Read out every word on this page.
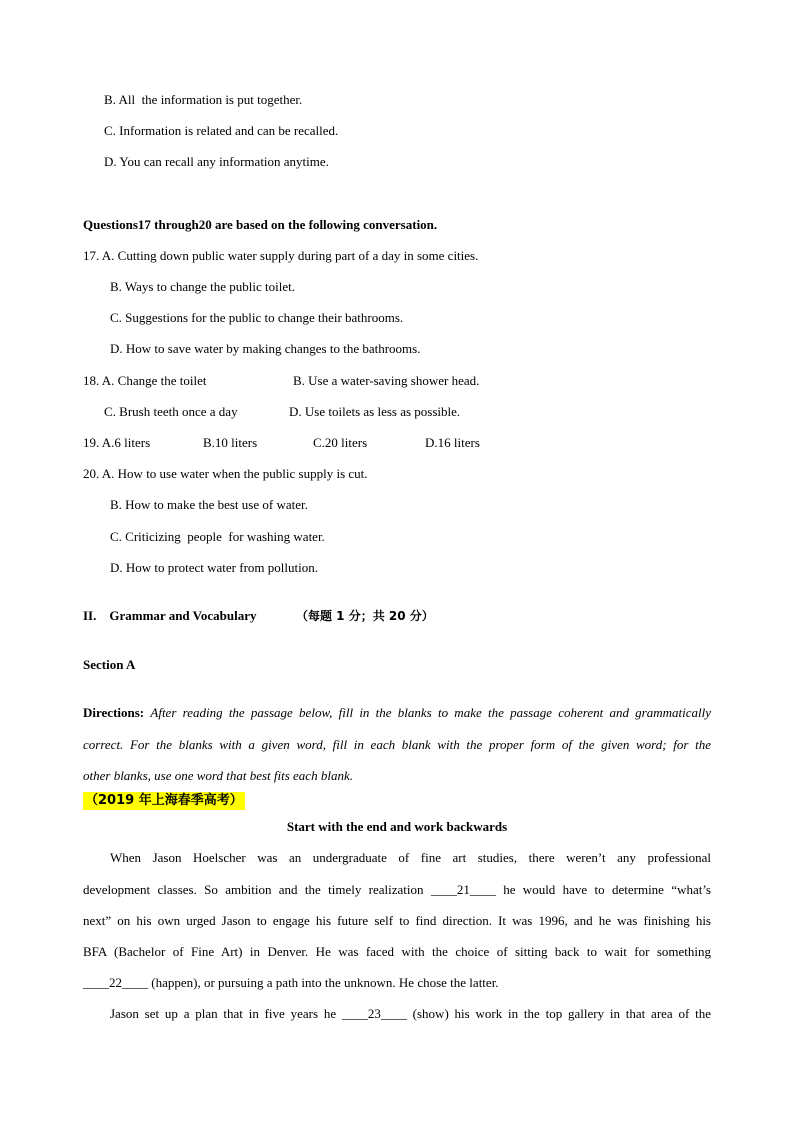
B. All  the information is put together.
C. Information is related and can be recalled.
D. You can recall any information anytime.
Questions17 through20 are based on the following conversation.
17. A. Cutting down public water supply during part of a day in some cities.
B. Ways to change the public toilet.
C. Suggestions for the public to change their bathrooms.
D. How to save water by making changes to the bathrooms.
18. A. Change the toilet	B. Use a water-saving shower head.
C. Brush teeth once a day	D. Use toilets as less as possible.
19. A.6 liters	B.10 liters	C.20 liters	D.16 liters
20. A. How to use water when the public supply is cut.
B. How to make the best use of water.
C. Criticizing  people  for washing water.
D. How to protect water from pollution.
II.    Grammar and Vocabulary	（每题 1 分；共 20 分）
Section A
Directions: After reading the passage below, fill in the blanks to make the passage coherent and grammatically
correct. For the blanks with a given word, fill in each blank with the proper form of the given word; for the
other blanks, use one word that best fits each blank.
（2019 年上海春季高考）
Start with the end and work backwards
When Jason Hoelscher was an undergraduate of fine art studies, there weren’t any professional
development classes. So ambition and the timely realization ____21____ he would have to determine “what’s
next” on his own urged Jason to engage his future self to find direction. It was 1996, and he was finishing his
BFA (Bachelor of Fine Art) in Denver. He was faced with the choice of sitting back to wait for something
____22____ (happen), or pursuing a path into the unknown. He chose the latter.
Jason set up a plan that in five years he ____23____ (show) his work in the top gallery in that area of the
